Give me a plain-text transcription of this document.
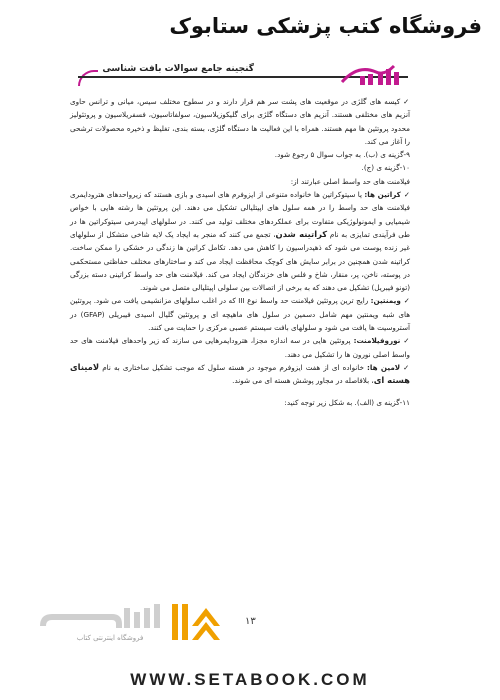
فروشگاه کتب پزشکی ستابوک
گنجینه جامع سوالات بافت شناسی

✓کیسه های گلژی در موقعیت های پشت سر هم قرار دارند و در سطوح مختلف سیس، میانی و ترانس حاوی آنزیم های مختلفی هستند. آنزیم های دستگاه گلژی برای گلیکوزیلاسیون، سولفاتاسیون، فسفریلاسیون و پروتئولیز محدود پروتئین ها مهم هستند. همراه با این فعالیت ها دستگاه گلژی، بسته بندی، تغلیظ و ذخیره محصولات ترشحی را آغاز می کند.

۹-گزینه ی (ب). به جواب سوال ۵ رجوع شود.

۱۰-گزینه ی (ج).

فیلامنت های حد واسط اصلی عبارتند از:

✓کراتین ها: یا سیتوکراتین ها خانواده متنوعی از ایزوفرم های اسیدی و بازی هستند که زیرواحدهای هترودایمری فیلامنت های حد واسط را در همه سلول های اپیتلیالی تشکیل می دهند. این پروتئین ها رشته هایی با خواص شیمیایی و ایمونولوژیکی متفاوت برای عملکردهای مختلف تولید می کنند. در سلولهای اپیدرمی سیتوکراتین ها در طی فرآیندی تمایزی به نام کراتینه شدن، تجمع می کنند که منجر به ایجاد یک لایه شاخی متشکل از سلولهای غیر زنده پوست می شود که ذهیدراسیون را کاهش می دهد. تکامل کراتین ها زندگی در خشکی را ممکن ساخت. کراتینه شدن همچنین در برابر سایش های کوچک محافظت ایجاد می کند و ساختارهای مختلف حفاظتی مستحکمی در پوسته، ناخن، پر، منقار، شاخ و فلس های خزندگان ایجاد می کند. فیلامنت های حد واسط کراتینی دسته بزرگی (تونو فیبریل) تشکیل می دهند که به برخی از اتصالات بین سلولی اپیتلیالی متصل می شوند.

✓ویمنتین: رایج ترین پروتئین فیلامنت حد واسط نوع III که در اغلب سلولهای مزانشیمی یافت می شود. پروتئین های شبه ویمنتین مهم شامل دسمین در سلول های ماهیچه ای و پروتئین گلیال اسیدی فیبریلی (GFAP) در آستروسیت ها یافت می شود و سلولهای بافت سیستم عصبی مرکزی را حمایت می کنند.

✓نوروفیلامنت: پروتئین هایی در سه اندازه مجزا، هترودایمرهایی می سازند که زیر واحدهای فیلامنت های حد واسط اصلی نورون ها را تشکیل می دهند.

✓لامین ها: خانواده ای از هفت ایزوفرم موجود در هسته سلول که موجب تشکیل ساختاری به نام لامینای هسته ای، بلافاصله در مجاور پوشش هسته ای می شوند.

۱۱-گزینه ی (الف). به شکل زیر توجه کنید:

فروشگاه اینترنتی کتاب
۱۳
WWW.SETABOOK.COM
